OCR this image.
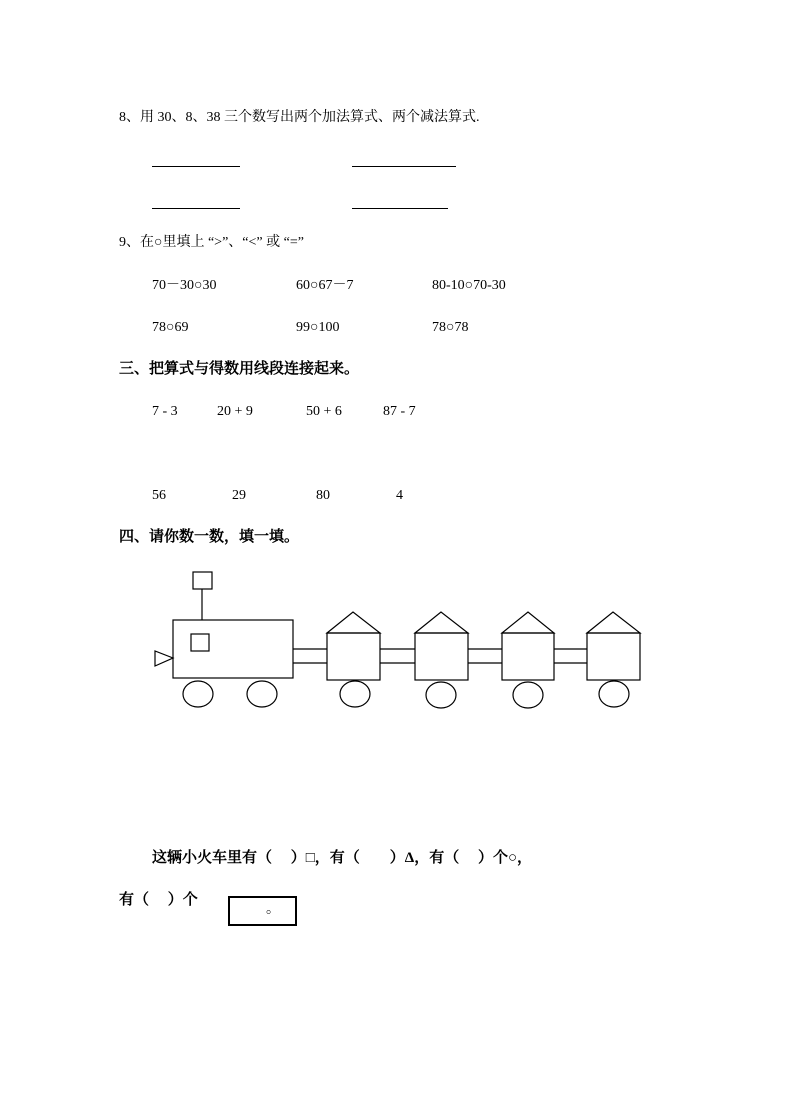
8、用 30、8、38 三个数写出两个加法算式、两个减法算式.
9、在○里填上 “>”、“<” 或 “=”
70－30○30	60○67－7	80-10○70-30
78○69	99○100	78○78
三、把算式与得数用线段连接起来。
7 - 3	20 + 9	50 + 6	87 - 7
56	29	80	4
四、请你数一数，填一填。
这辆小火车里有（　 ）□，有（　　）Δ，有（　 ）个○，
有（　 ）个
。
